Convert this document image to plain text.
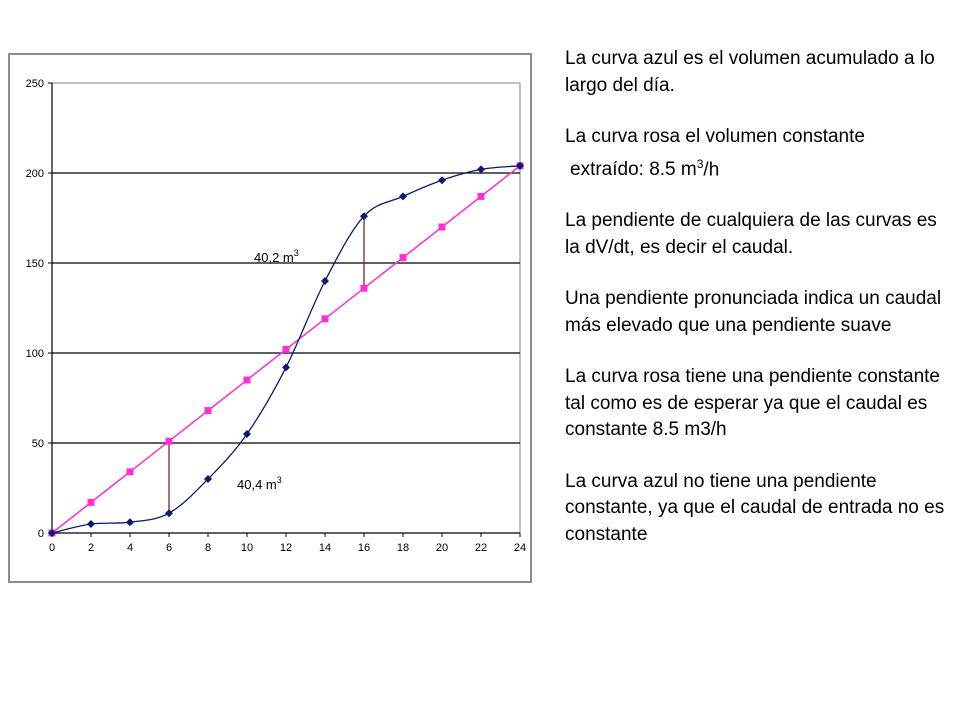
0
50
100
150
200
250
0	2	4	6	8	10 12 14 16 18 20 22 24
40,2 $m^3$
40,4 $m^3$

La curva azul es el volumen acumulado a lo largo del día.

La curva rosa el volumen constante
extraído: 8.5 $m^3/h$

La pendiente de cualquiera de las curvas es la dV/dt, es decir el caudal.

Una pendiente pronunciada indica un caudal más elevado que una pendiente suave

La curva rosa tiene una pendiente constante tal como es de esperar ya que el caudal es constante 8.5 m3/h

La curva azul no tiene una pendiente constante, ya que el caudal de entrada no es constante
